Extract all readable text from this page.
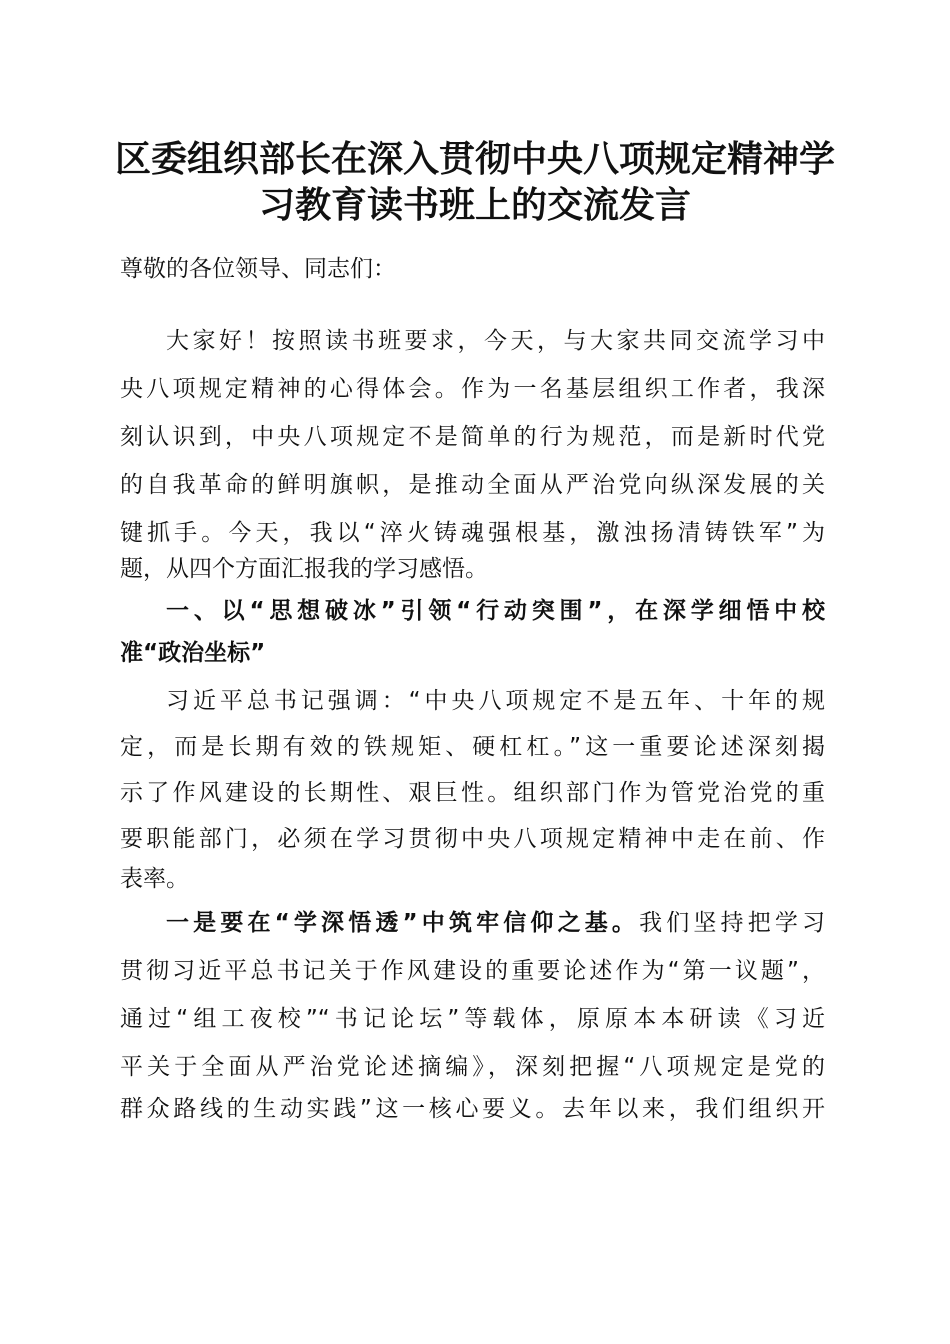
区委组织部长在深入贯彻中央八项规定精神学
习教育读书班上的交流发言
尊敬的各位领导、同志们：
大家好！按照读书班要求，今天，与大家共同交流学习中
央八项规定精神的心得体会。作为一名基层组织工作者，我深
刻认识到，中央八项规定不是简单的行为规范，而是新时代党
的自我革命的鲜明旗帜，是推动全面从严治党向纵深发展的关
键抓手。今天，我以“淬火铸魂强根基，激浊扬清铸铁军”为
题，从四个方面汇报我的学习感悟。
一、以“思想破冰”引领“行动突围”，在深学细悟中校
准“政治坐标”
习近平总书记强调：“中央八项规定不是五年、十年的规
定，而是长期有效的铁规矩、硬杠杠。”这一重要论述深刻揭
示了作风建设的长期性、艰巨性。组织部门作为管党治党的重
要职能部门，必须在学习贯彻中央八项规定精神中走在前、作
表率。
一是要在“学深悟透”中筑牢信仰之基。我们坚持把学习
贯彻习近平总书记关于作风建设的重要论述作为“第一议题”，
通过“组工夜校”“书记论坛”等载体，原原本本研读《习近
平关于全面从严治党论述摘编》，深刻把握“八项规定是党的
群众路线的生动实践”这一核心要义。去年以来，我们组织开
